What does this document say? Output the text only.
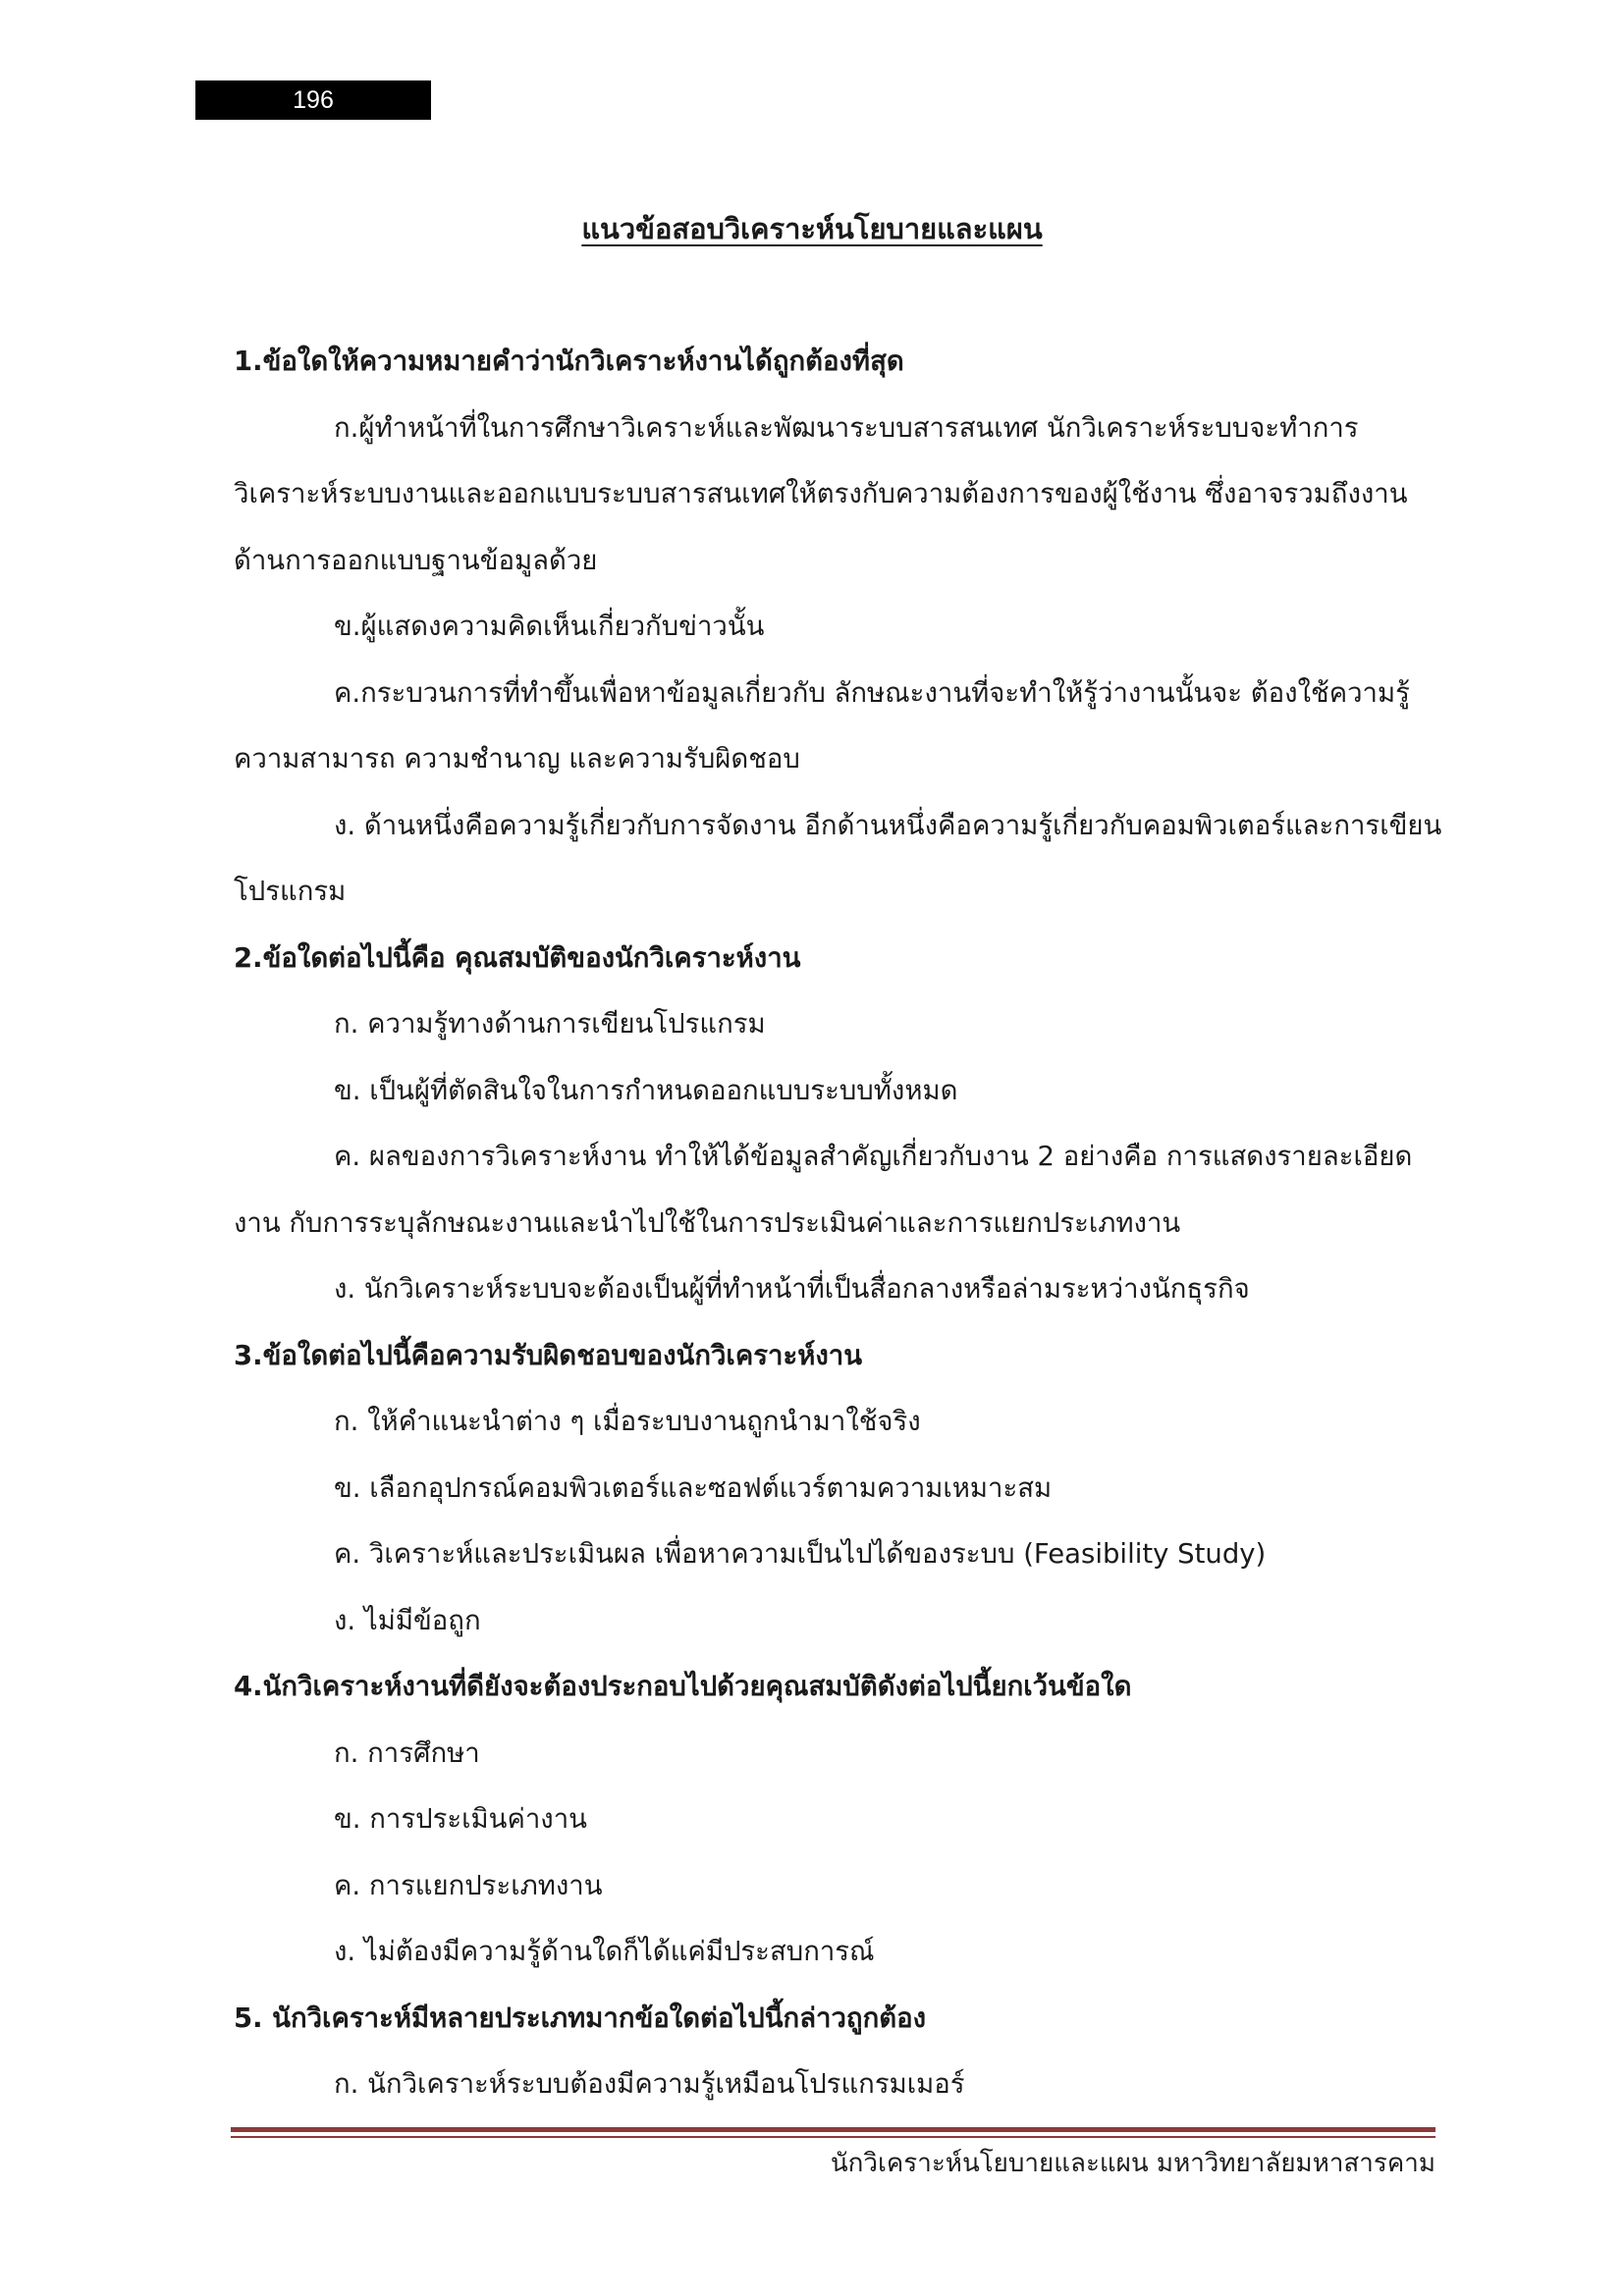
196
แนวข้อสอบวิเคราะห์นโยบายและแผน
1.ข้อใดให้ความหมายคำว่านักวิเคราะห์งานได้ถูกต้องที่สุด
ก.ผู้ทำหน้าที่ในการศึกษาวิเคราะห์และพัฒนาระบบสารสนเทศ นักวิเคราะห์ระบบจะทำการ
วิเคราะห์ระบบงานและออกแบบระบบสารสนเทศให้ตรงกับความต้องการของผู้ใช้งาน ซึ่งอาจรวมถึงงาน
ด้านการออกแบบฐานข้อมูลด้วย
ข.ผู้แสดงความคิดเห็นเกี่ยวกับข่าวนั้น
ค.กระบวนการที่ทำขึ้นเพื่อหาข้อมูลเกี่ยวกับ ลักษณะงานที่จะทำให้รู้ว่างานนั้นจะ ต้องใช้ความรู้
ความสามารถ ความชำนาญ และความรับผิดชอบ
ง. ด้านหนึ่งคือความรู้เกี่ยวกับการจัดงาน อีกด้านหนึ่งคือความรู้เกี่ยวกับคอมพิวเตอร์และการเขียน
โปรแกรม
2.ข้อใดต่อไปนี้คือ คุณสมบัติของนักวิเคราะห์งาน
ก. ความรู้ทางด้านการเขียนโปรแกรม
ข. เป็นผู้ที่ตัดสินใจในการกำหนดออกแบบระบบทั้งหมด
ค. ผลของการวิเคราะห์งาน ทำให้ได้ข้อมูลสำคัญเกี่ยวกับงาน 2 อย่างคือ การแสดงรายละเอียด
งาน กับการระบุลักษณะงานและนำไปใช้ในการประเมินค่าและการแยกประเภทงาน
ง. นักวิเคราะห์ระบบจะต้องเป็นผู้ที่ทำหน้าที่เป็นสื่อกลางหรือล่ามระหว่างนักธุรกิจ
3.ข้อใดต่อไปนี้คือความรับผิดชอบของนักวิเคราะห์งาน
ก. ให้คำแนะนำต่าง ๆ เมื่อระบบงานถูกนำมาใช้จริง
ข. เลือกอุปกรณ์คอมพิวเตอร์และซอฟต์แวร์ตามความเหมาะสม
ค. วิเคราะห์และประเมินผล เพื่อหาความเป็นไปได้ของระบบ (Feasibility Study)
ง. ไม่มีข้อถูก
4.นักวิเคราะห์งานที่ดียังจะต้องประกอบไปด้วยคุณสมบัติดังต่อไปนี้ยกเว้นข้อใด
ก. การศึกษา
ข. การประเมินค่างาน
ค. การแยกประเภทงาน
ง. ไม่ต้องมีความรู้ด้านใดก็ได้แค่มีประสบการณ์
5. นักวิเคราะห์มีหลายประเภทมากข้อใดต่อไปนี้กล่าวถูกต้อง
ก. นักวิเคราะห์ระบบต้องมีความรู้เหมือนโปรแกรมเมอร์
นักวิเคราะห์นโยบายและแผน มหาวิทยาลัยมหาสารคาม
